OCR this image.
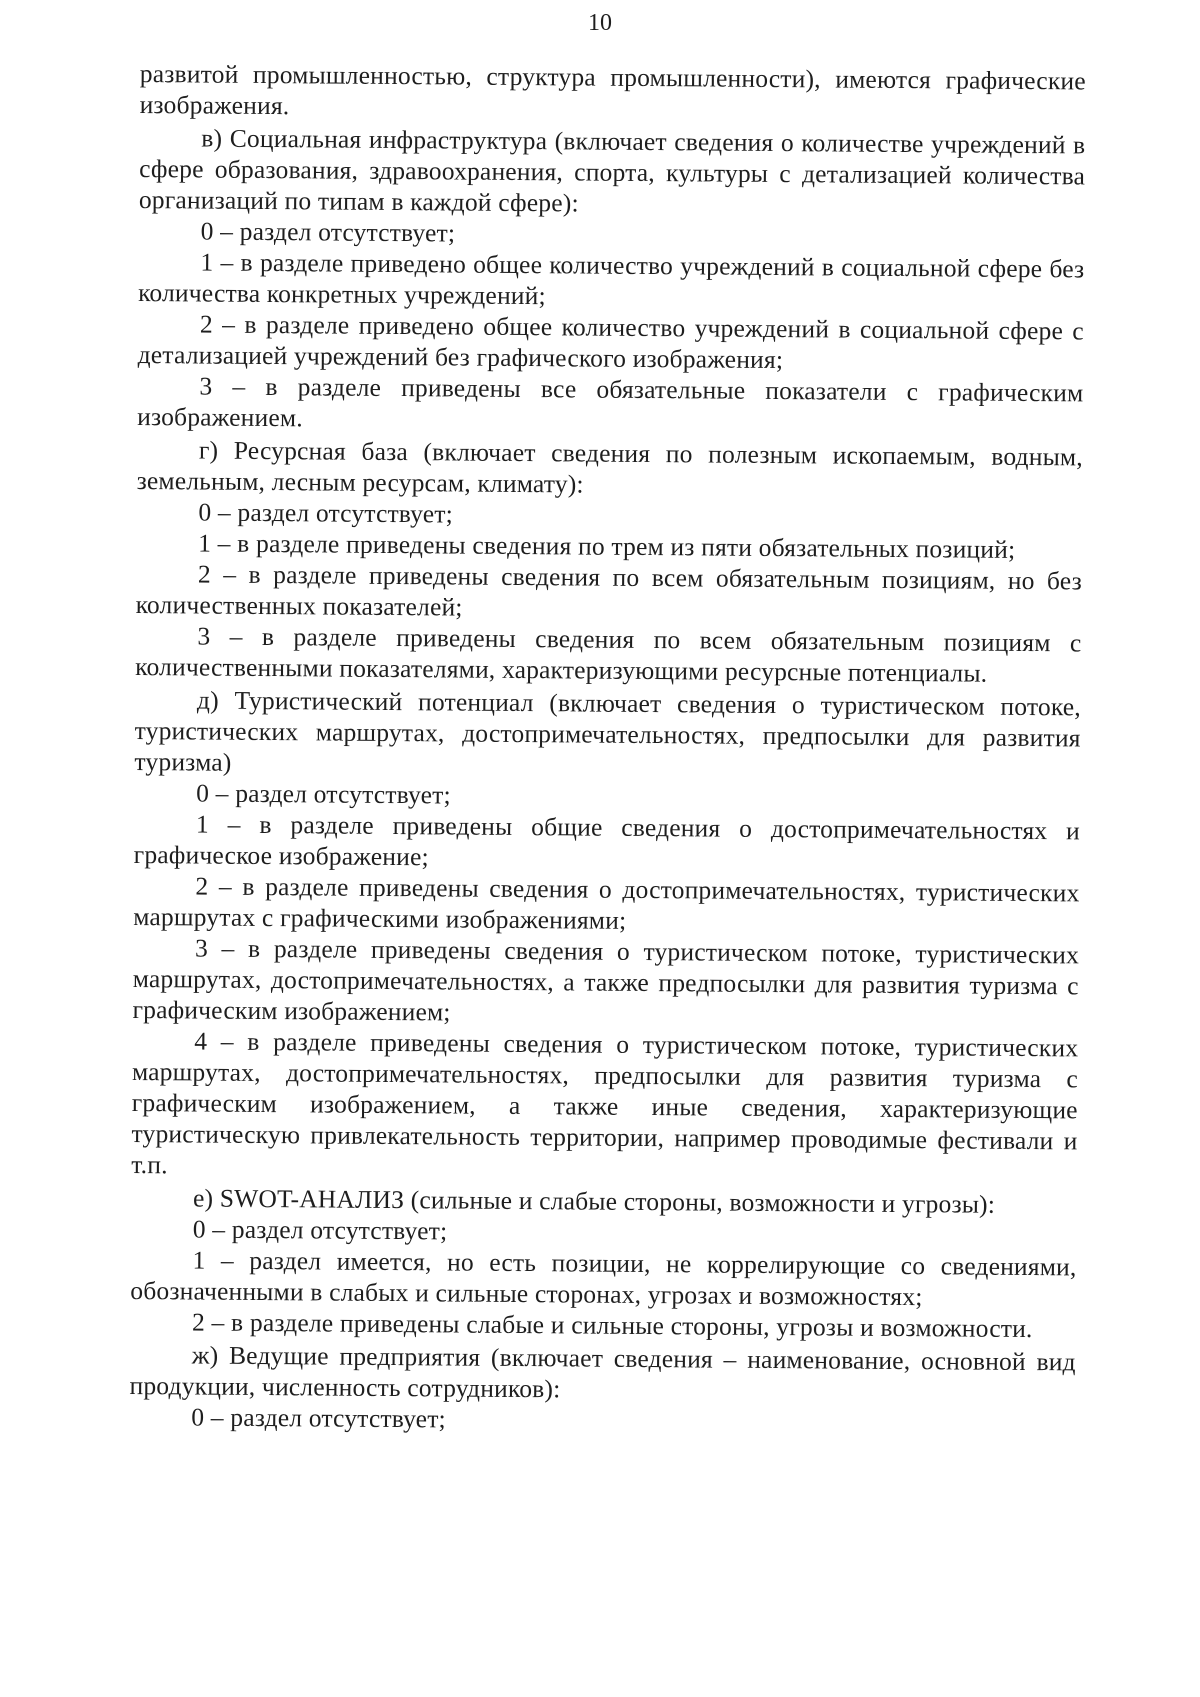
10

развитой промышленностью, структура промышленности), имеются графические изображения.

в) Социальная инфраструктура (включает сведения о количестве учреждений в сфере образования, здравоохранения, спорта, культуры с детализацией количества организаций по типам в каждой сфере):

0 – раздел отсутствует;

1 – в разделе приведено общее количество учреждений в социальной сфере без количества конкретных учреждений;

2 – в разделе приведено общее количество учреждений в социальной сфере с детализацией учреждений без графического изображения;

3 – в разделе приведены все обязательные показатели с графическим изображением.

г) Ресурсная база (включает сведения по полезным ископаемым, водным, земельным, лесным ресурсам, климату):

0 – раздел отсутствует;

1 – в разделе приведены сведения по трем из пяти обязательных позиций;

2 – в разделе приведены сведения по всем обязательным позициям, но без количественных показателей;

3 – в разделе приведены сведения по всем обязательным позициям с количественными показателями, характеризующими ресурсные потенциалы.

д) Туристический потенциал (включает сведения о туристическом потоке, туристических маршрутах, достопримечательностях, предпосылки для развития туризма)

0 – раздел отсутствует;

1 – в разделе приведены общие сведения о достопримечательностях и графическое изображение;

2 – в разделе приведены сведения о достопримечательностях, туристических маршрутах с графическими изображениями;

3 – в разделе приведены сведения о туристическом потоке, туристических маршрутах, достопримечательностях, а также предпосылки для развития туризма с графическим изображением;

4 – в разделе приведены сведения о туристическом потоке, туристических маршрутах, достопримечательностях, предпосылки для развития туризма с графическим изображением, а также иные сведения, характеризующие туристическую привлекательность территории, например проводимые фестивали и т.п.

е) SWOT-АНАЛИЗ (сильные и слабые стороны, возможности и угрозы):

0 – раздел отсутствует;

1 – раздел имеется, но есть позиции, не коррелирующие со сведениями, обозначенными в слабых и сильные сторонах, угрозах и возможностях;

2 – в разделе приведены слабые и сильные стороны, угрозы и возможности.

ж) Ведущие предприятия (включает сведения – наименование, основной вид продукции, численность сотрудников):

0 – раздел отсутствует;
